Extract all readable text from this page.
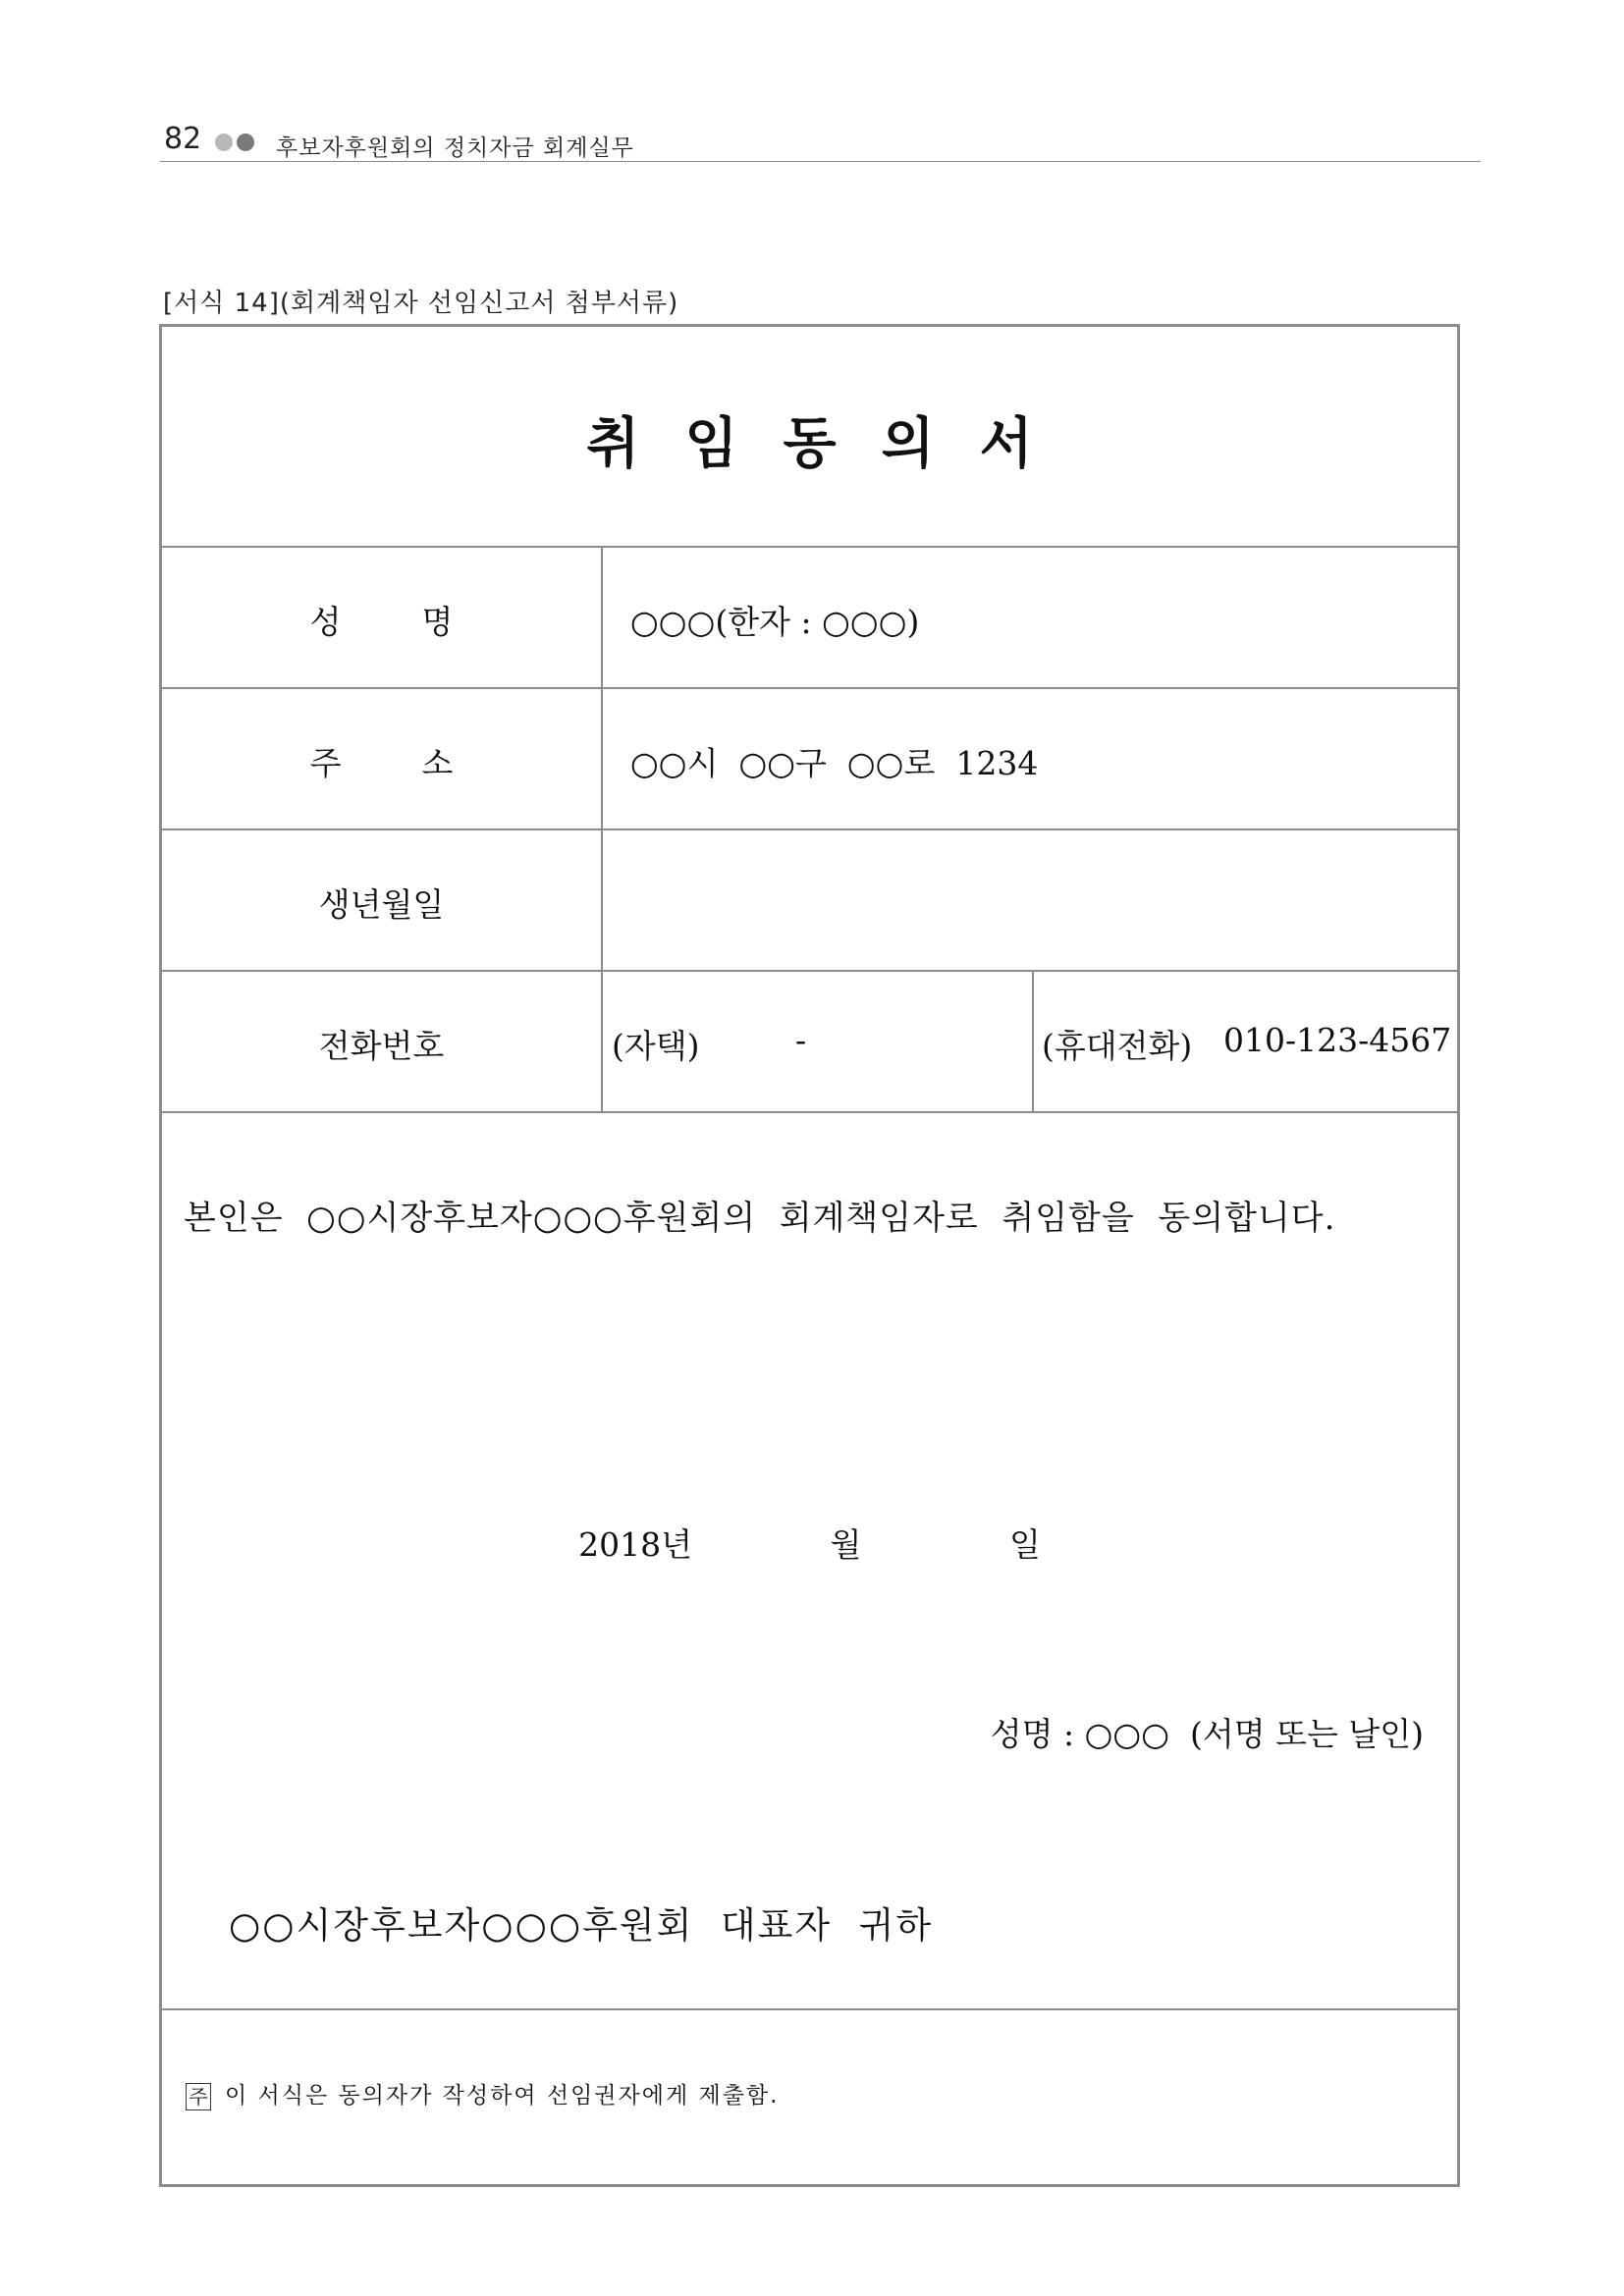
82	후보자후원회의 정치자금 회계실무
[서식 14](회계책임자 선임신고서 첨부서류)
취임동의서
성명	○○○(한자 : ○○○)
주소	○○시  ○○구  ○○로  1234
생년월일
전화번호	(자택)	-	(휴대전화) 010-123-4567
본인은  ○○시장후보자○○○후원회의  회계책임자로  취임함을  동의합니다.
2018년	월	일
성명 : ○○○  (서명 또는 날인)
○○시장후보자○○○후원회  대표자  귀하
주 이 서식은 동의자가 작성하여 선임권자에게 제출함.
